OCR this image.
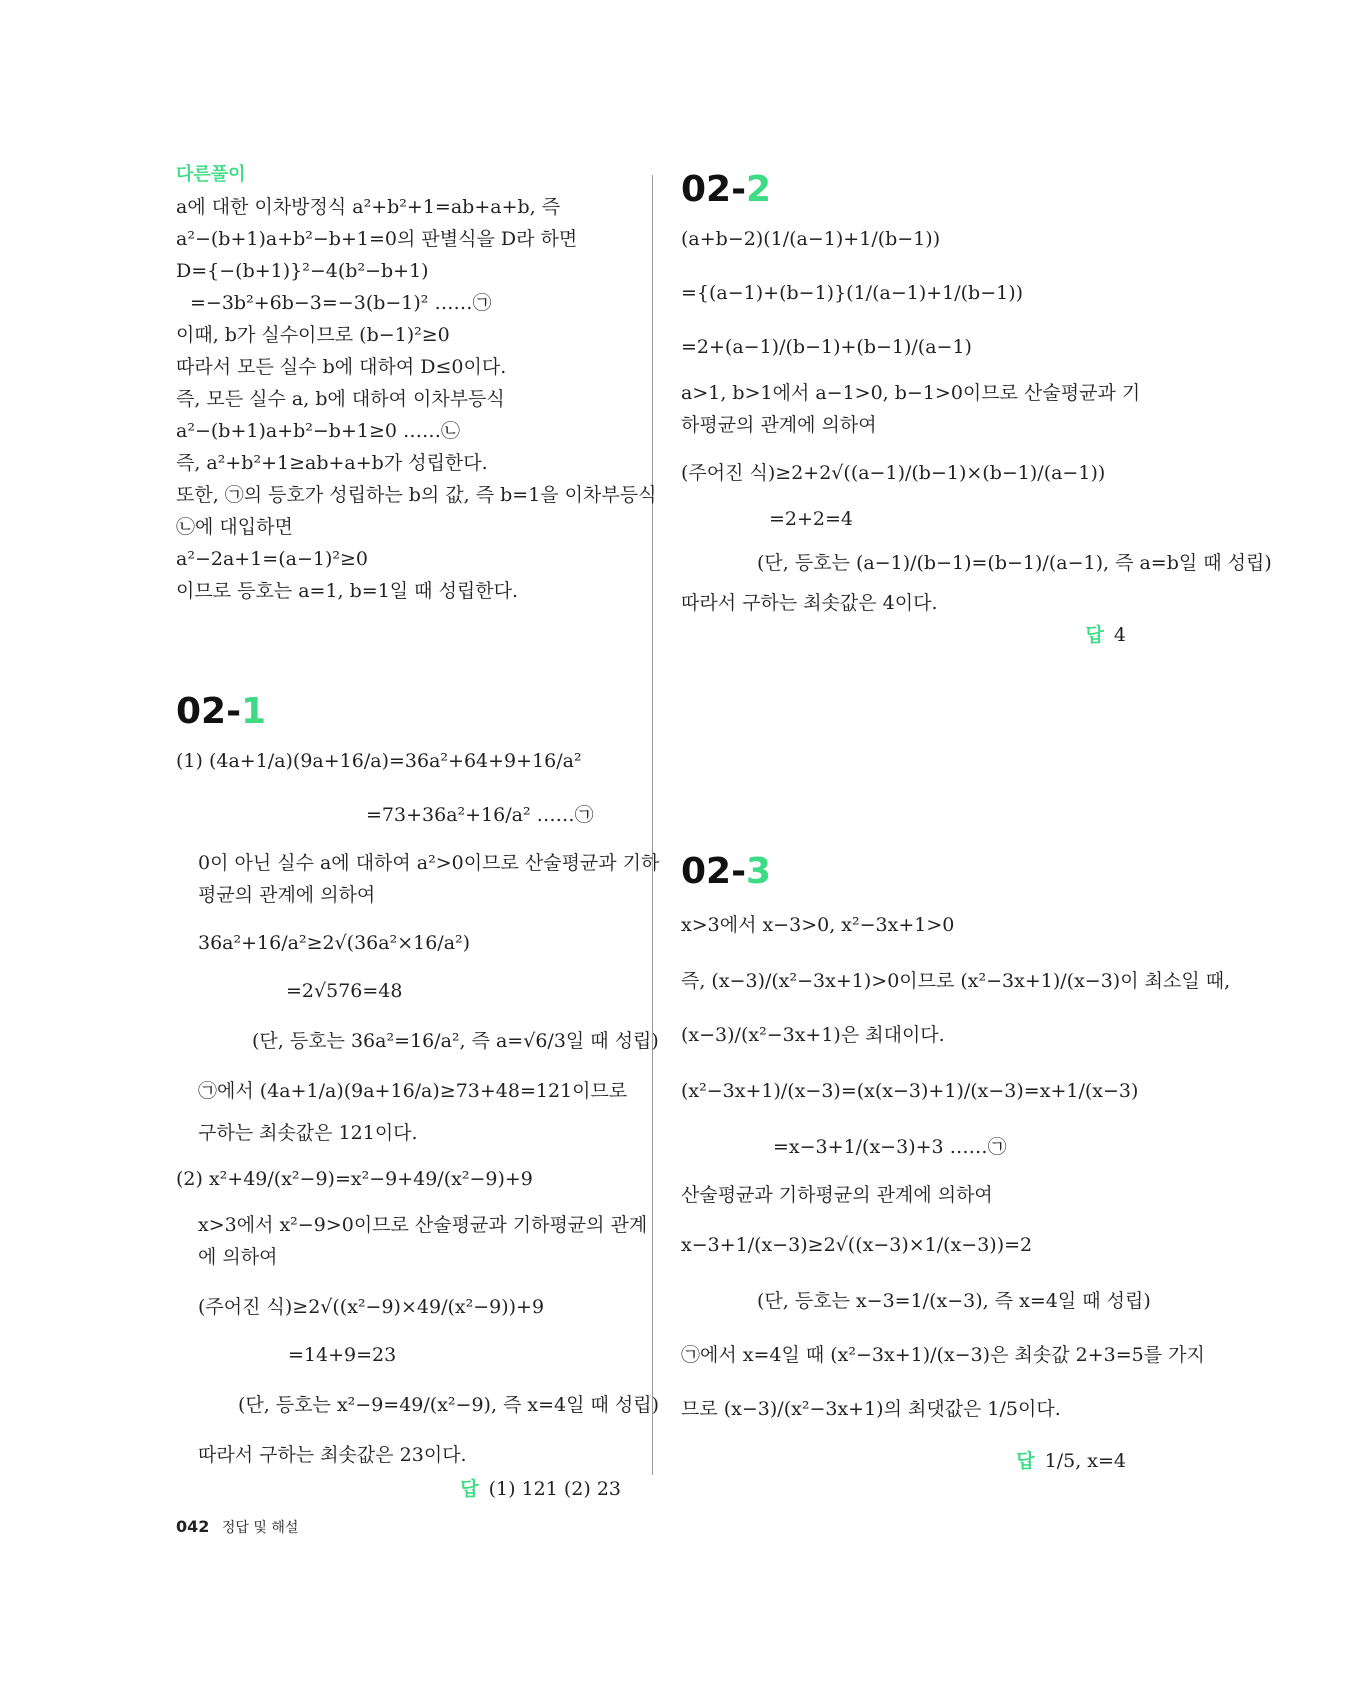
다른풀이
a에 대한 이차방정식 a²+b²+1=ab+a+b, 즉
a²−(b+1)a+b²−b+1=0의 판별식을 D라 하면
D={−(b+1)}²−4(b²−b+1)
=−3b²+6b−3=−3(b−1)² ……㉠
이때, b가 실수이므로 (b−1)²≥0
따라서 모든 실수 b에 대하여 D≤0이다.
즉, 모든 실수 a, b에 대하여 이차부등식
a²−(b+1)a+b²−b+1≥0 ……㉡
즉, a²+b²+1≥ab+a+b가 성립한다.
또한, ㉠의 등호가 성립하는 b의 값, 즉 b=1을 이차부등식
㉡에 대입하면
a²−2a+1=(a−1)²≥0
이므로 등호는 a=1, b=1일 때 성립한다.
02-1
(1) (4a+1/a)(9a+16/a)=36a²+64+9+16/a²
=73+36a²+16/a² ……㉠
0이 아닌 실수 a에 대하여 a²>0이므로 산술평균과 기하
평균의 관계에 의하여
36a²+16/a²≥2√(36a²×16/a²)
=2√576=48
(단, 등호는 36a²=16/a², 즉 a=√6/3일 때 성립)
㉠에서 (4a+1/a)(9a+16/a)≥73+48=121이므로
구하는 최솟값은 121이다.
(2) x²+49/(x²−9)=x²−9+49/(x²−9)+9
x>3에서 x²−9>0이므로 산술평균과 기하평균의 관계
에 의하여
(주어진 식)≥2√((x²−9)×49/(x²−9))+9
=14+9=23
(단, 등호는 x²−9=49/(x²−9), 즉 x=4일 때 성립)
따라서 구하는 최솟값은 23이다.
답 (1) 121 (2) 23
02-2
(a+b−2)(1/(a−1)+1/(b−1))
={(a−1)+(b−1)}(1/(a−1)+1/(b−1))
=2+(a−1)/(b−1)+(b−1)/(a−1)
a>1, b>1에서 a−1>0, b−1>0이므로 산술평균과 기
하평균의 관계에 의하여
(주어진 식)≥2+2√((a−1)/(b−1)×(b−1)/(a−1))
=2+2=4
(단, 등호는 (a−1)/(b−1)=(b−1)/(a−1), 즉 a=b일 때 성립)
따라서 구하는 최솟값은 4이다.
답 4
02-3
x>3에서 x−3>0, x²−3x+1>0
즉, (x−3)/(x²−3x+1)>0이므로 (x²−3x+1)/(x−3)이 최소일 때,
(x−3)/(x²−3x+1)은 최대이다.
(x²−3x+1)/(x−3)=(x(x−3)+1)/(x−3)=x+1/(x−3)
=x−3+1/(x−3)+3 ……㉠
산술평균과 기하평균의 관계에 의하여
x−3+1/(x−3)≥2√((x−3)×1/(x−3))=2
(단, 등호는 x−3=1/(x−3), 즉 x=4일 때 성립)
㉠에서 x=4일 때 (x²−3x+1)/(x−3)은 최솟값 2+3=5를 가지
므로 (x−3)/(x²−3x+1)의 최댓값은 1/5이다.
답 1/5, x=4
042 정답 및 해설
